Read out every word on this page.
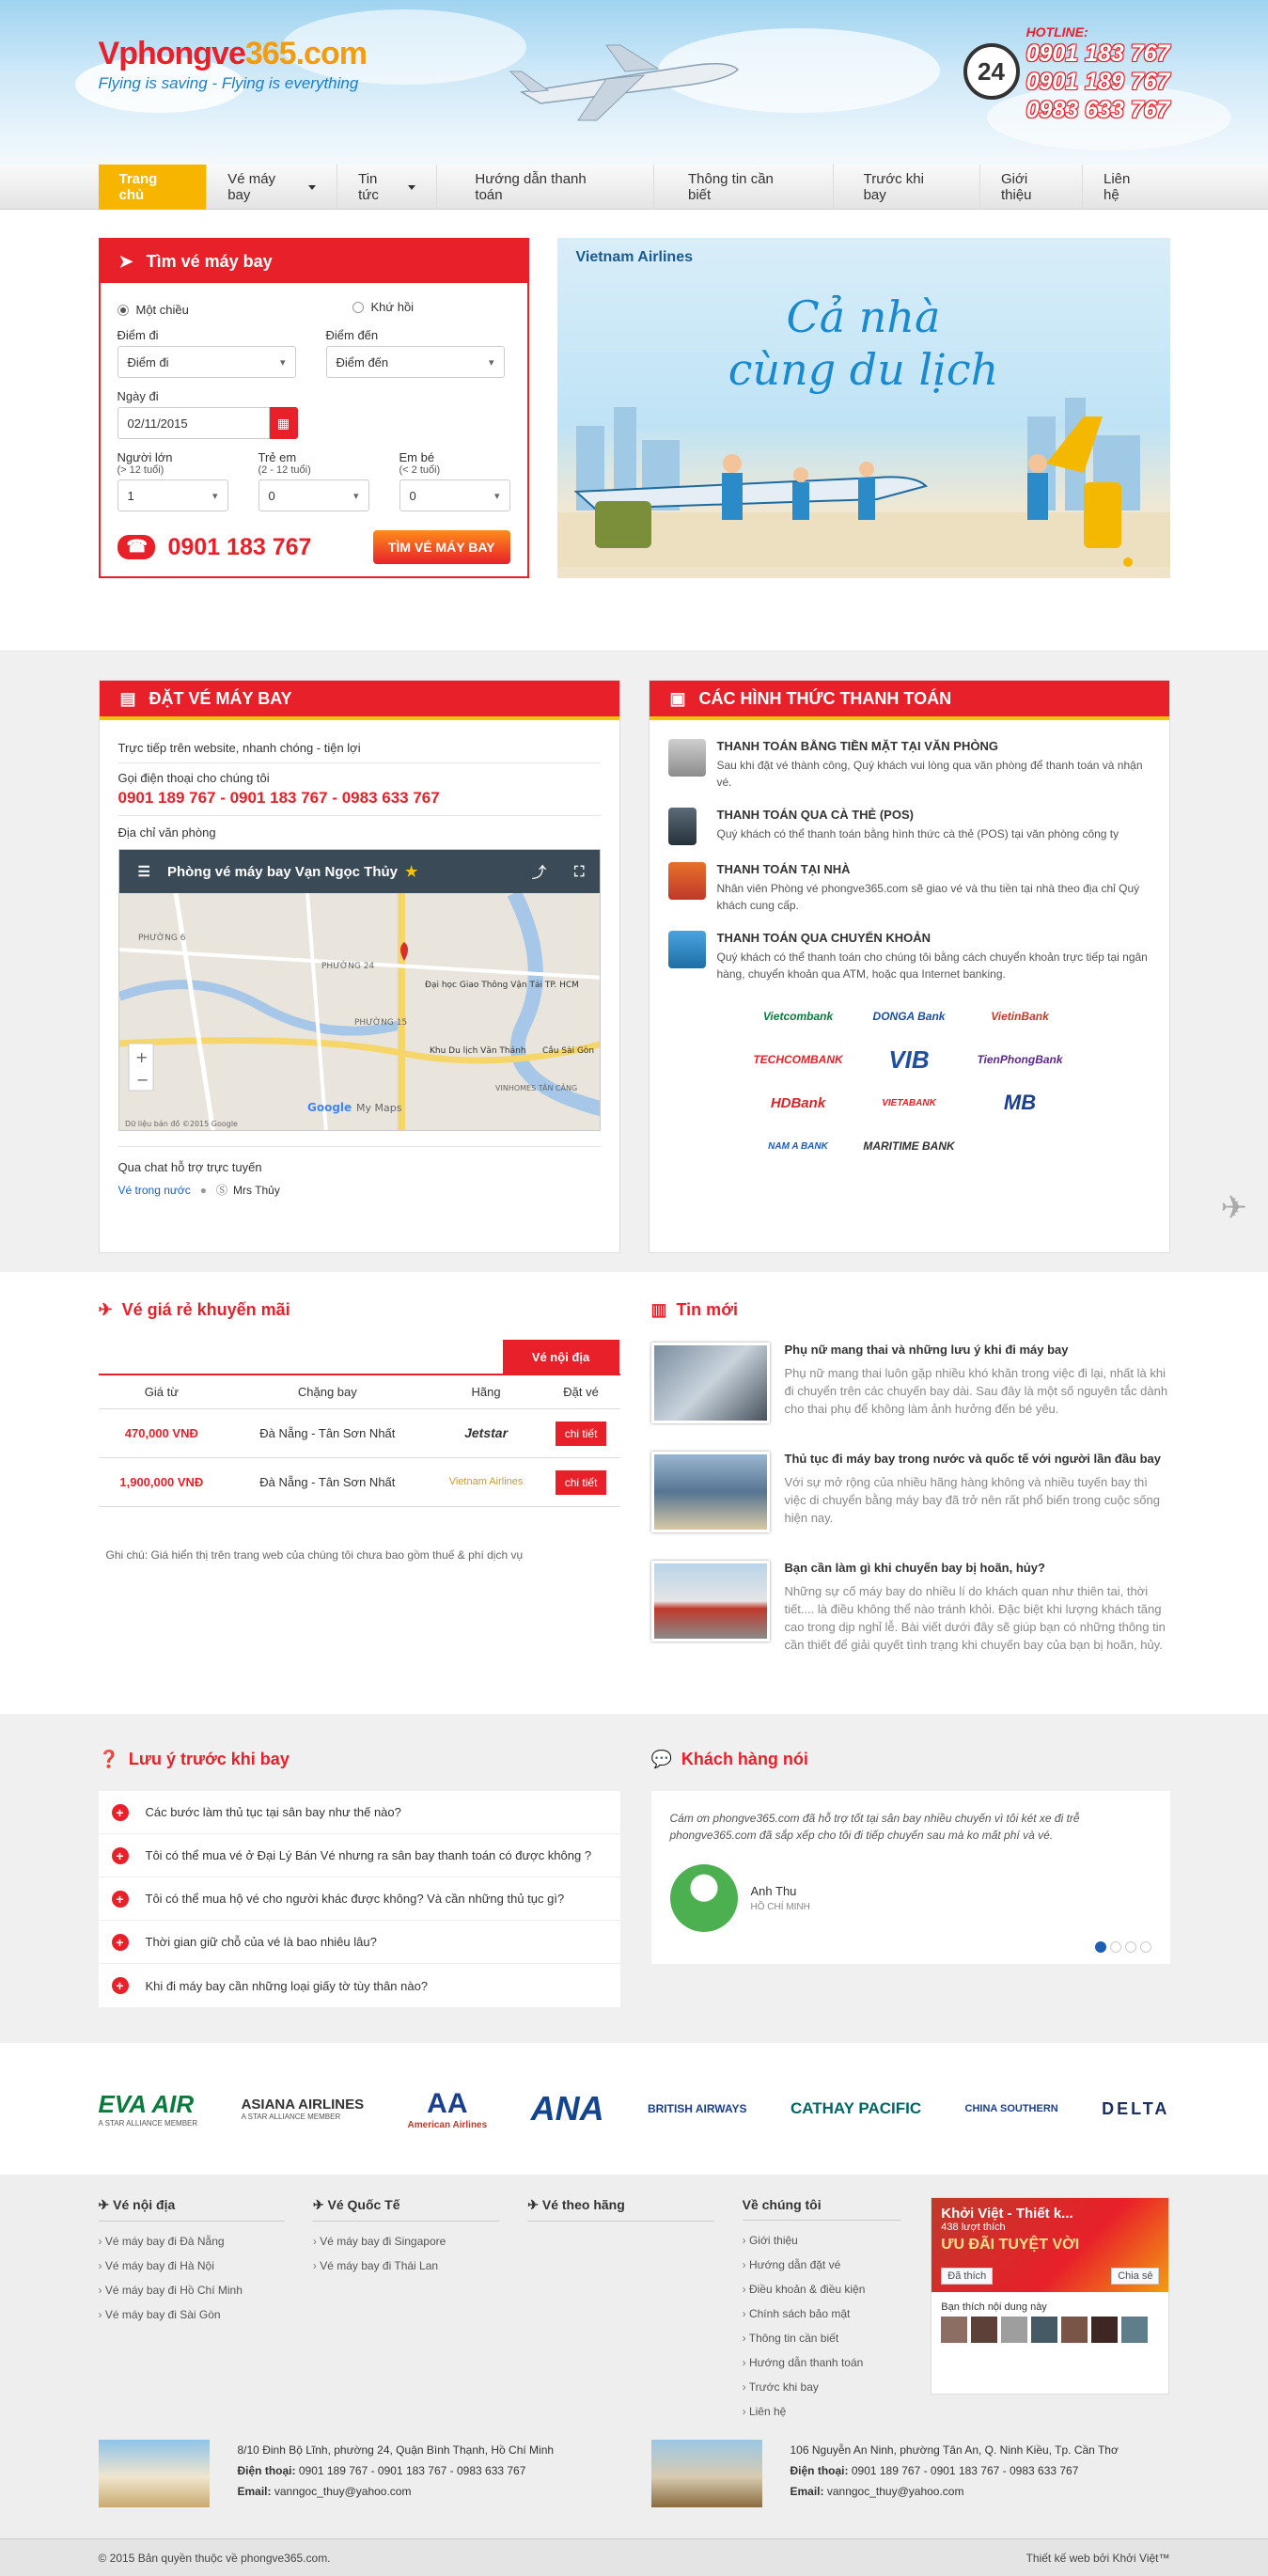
Vphongve365.com
Flying is saving - Flying is everything	24
HOTLINE:
0901 183 767
0901 189 767
0983 633 767
Trang chủ
Vé máy bay
Tin tức
Hướng dẫn thanh toán
Thông tin cần biết
Trước khi bay
Giới thiệu
Liên hệ
➤ Tìm vé máy bay
Một chiều
	Khứ hồi
Điểm đi
Điểm đi
▾
Điểm đến
Điểm đến
▾
Ngày đi
02/11/2015	▦
Người lớn
(> 12 tuổi)
1
▾
Trẻ em
(2 - 12 tuổi)
0
▾
Em bé
(< 2 tuổi)
0
▾
☎
0901 183 767	TÌM VÉ MÁY BAY
Vietnam Airlines
Cả nhà
cùng du lịch
▤ ĐẶT VÉ MÁY BAY
Trực tiếp trên website, nhanh chóng - tiện lợi
Gọi điện thoại cho chúng tôi
0901 189 767 - 0901 183 767 - 0983 633 767
Địa chỉ văn phòng
☰ Phòng vé máy bay Vạn Ngọc Thủy ★	⤴ ⛶
PHƯỜNG 6
PHƯỜNG 24
PHƯỜNG 15
Đại học Giao Thông Vận Tải TP. HCM
Khu Du lịch Văn Thánh
VINHOMES TÂN CẢNG
Cầu Sài Gòn
Google My Maps
Dữ liệu bản đồ ©2015 Google
+
−
Qua chat hỗ trợ trực tuyến
Vé trong nước ● Ⓢ Mrs Thủy
▣ CÁC HÌNH THỨC THANH TOÁN
THANH TOÁN BẰNG TIỀN MẶT TẠI VĂN PHÒNG
Sau khi đặt vé thành công, Quý khách vui lòng qua văn phòng để thanh toán và nhận vé.
THANH TOÁN QUA CÀ THẺ (POS)
Quý khách có thể thanh toán bằng hình thức cà thẻ (POS) tại văn phòng công ty
THANH TOÁN TẠI NHÀ
Nhân viên Phòng vé phongve365.com sẽ giao vé và thu tiền tại nhà theo địa chỉ Quý khách cung cấp.
THANH TOÁN QUA CHUYỂN KHOẢN
Quý khách có thể thanh toán cho chúng tôi bằng cách chuyển khoản trực tiếp tại ngân hàng, chuyển khoản qua ATM, hoặc qua Internet banking.
Vietcombank	DONGA Bank	VietinBank
TECHCOMBANK	VIB	TienPhongBank
HDBank	VIETABANK	MB
NAM A BANK	MARITIME BANK
✈ Vé giá rẻ khuyến mãi
Vé nội địa
Giá từ	Chặng bay	Hãng	Đặt vé
470,000 VNĐ	Đà Nẵng - Tân Sơn Nhất	Jetstar	chi tiết
1,900,000 VNĐ	Đà Nẵng - Tân Sơn Nhất	Vietnam Airlines	chi tiết
Ghi chú: Giá hiển thị trên trang web của chúng tôi chưa bao gồm thuế & phí dịch vụ
▥ Tin mới
Phụ nữ mang thai và những lưu ý khi đi máy bay
Phụ nữ mang thai luôn gặp nhiều khó khăn trong việc đi lại, nhất là khi đi chuyển trên các chuyến bay dài. Sau đây là một số nguyên tắc dành cho thai phụ để không làm ảnh hưởng đến bé yêu.
Thủ tục đi máy bay trong nước và quốc tế với người lần đầu bay
Với sự mở rộng của nhiều hãng hàng không và nhiều tuyến bay thì việc di chuyển bằng máy bay đã trở nên rất phổ biến trong cuộc sống hiện nay.
Bạn cần làm gì khi chuyến bay bị hoãn, hủy?
Những sự cố máy bay do nhiều lí do khách quan như thiên tai, thời tiết.... là điều không thể nào tránh khỏi. Đặc biệt khi lượng khách tăng cao trong dịp nghỉ lễ. Bài viết dưới đây sẽ giúp bạn có những thông tin cần thiết để giải quyết tình trạng khi chuyến bay của bạn bị hoãn, hủy.
❓ Lưu ý trước khi bay
+	Các bước làm thủ tục tại sân bay như thế nào?
+	Tôi có thể mua vé ở Đại Lý Bán Vé nhưng ra sân bay thanh toán có được không ?
+	Tôi có thể mua hộ vé cho người khác được không? Và cần những thủ tục gì?
+	Thời gian giữ chỗ của vé là bao nhiêu lâu?
+	Khi đi máy bay cần những loại giấy tờ tùy thân nào?
💬 Khách hàng nói
Cám ơn phongve365.com đã hỗ trợ tốt tại sân bay nhiều chuyến vì tôi két xe đi trễ phongve365.com đã sắp xếp cho tôi đi tiếp chuyến sau mà ko mất phí và vé.
Anh Thu
HỒ CHÍ MINH
EVA AIR
A STAR ALLIANCE MEMBER
ASIANA AIRLINES
A STAR ALLIANCE MEMBER	AA
American Airlines ANA	BRITISH AIRWAYS	CATHAY PACIFIC	CHINA SOUTHERN	DELTA
✈ Vé nội địa
› Vé máy bay đi Đà Nẵng
› Vé máy bay đi Hà Nội
› Vé máy bay đi Hồ Chí Minh
› Vé máy bay đi Sài Gòn
✈ Vé Quốc Tế
› Vé máy bay đi Singapore
› Vé máy bay đi Thái Lan
✈ Vé theo hãng	Về chúng tôi
› Giới thiệu
› Hướng dẫn đặt vé
› Điều khoản & điều kiện
› Chính sách bảo mật
› Thông tin cần biết
› Hướng dẫn thanh toán
› Trước khi bay
› Liên hệ
Khởi Việt - Thiết k...
438 lượt thích
ƯU ĐÃI TUYỆT VỜI
Đã thích	Chia sẻ
Bạn thích nội dung này
8/10 Đinh Bộ Lĩnh, phường 24, Quận Bình Thạnh, Hồ Chí Minh
Điện thoại: 0901 189 767 - 0901 183 767 - 0983 633 767
Email: vanngoc_thuy@yahoo.com
106 Nguyễn An Ninh, phường Tân An, Q. Ninh Kiều, Tp. Cần Thơ
Điện thoại: 0901 189 767 - 0901 183 767 - 0983 633 767
Email: vanngoc_thuy@yahoo.com
© 2015 Bản quyền thuộc về phongve365.com.	Thiết kế web bởi Khởi Việt™
✈
